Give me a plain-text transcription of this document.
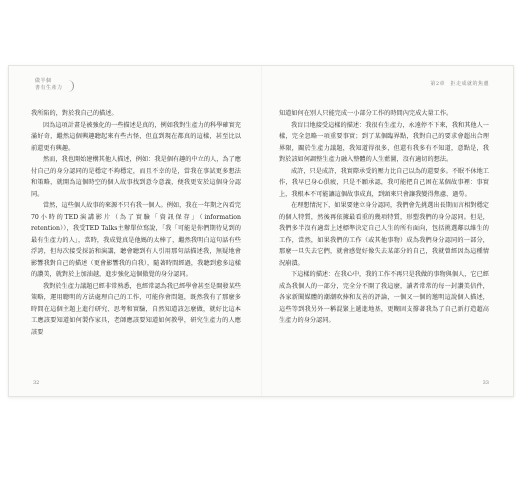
做半個
書有生產力
第2章　拒走成就的焦慮

我所陷的，對於我自己的描述。

因為這項計畫是被強化的一些描述是真的，例如我對生產力的科學確實充滿好奇，繼然這個興趣聽起來有些古怪，但直到現在都真的這樣，甚至比以前還更有興趣。

然而，我也開始建構其他人描述，例如：我是個有趣的中立的人，為了應付自己的身分認同的是穩定不夠穩定，而且不幸的是，當我在事試更多想法和策略，就開為這個時空的個人故事找到意今意義，便我更安於這個身分認同。

當然，這些個人故事的來源不只有我一個人。例如，我在一年期之內看完70小時的TED演講影片（為了實驗「資訊保存」（information retention）），我受TED Talks主辦單位寫說，「我「可能是你們期待見到的最有生產力的人」，當時，我成覺真是他媽的太棒了，繼然我明白這句話有些浮誇，但每次接受採訪和演講，聽會聽到有人引用那句話描述我，無疑地會影響我對自己的描述（更會影響我的自我），隨著時間經過，我聽到愈多這樣的讚美，就對於上加油越，進步強化這個傲覺的身分認同。

我對於生產力議題已經非常熟悉，也經常認為我已經學會甚至是開發某些策略，運用聰明的方法處理自己的工作，可能你會問題，既然我有了那麼多時間在這個主題上進行研究、思考和實驗，自然知道該怎麼做，就好比這本工應該要知道如何製作家具，老師應該要知道如何教學，研究生產力的人應該要

知道如何在別人只能完成一小部分工作的時間內完成大量工作。

我盲目地接受這樣的描述：我很有生產力，永遠停不下來，我和其他人一樣，完全忽略一項重要事實；到了某個臨界點，我對自己的要求會超出合理界限，關於生產力議題，我知道得很多，但還有我多有不知道，意點是，我對於該如何調整生產力融入整體的人生藍圖，沒有適切的想法。

成許，只是成許，我實際承受的壓力比自己以為的還要多。不眠不休地工作，我早已身心俱疲，只是不願承認，我可能把自己困在某個故事裡：事實上，我根本不可能讓這個故事成真，到頭來只會讓我變得焦慮、過勞。

在理想情況下，如果要建立身分認同，我們會先挑選出長期而言相對穩定的個人特質，然後再依據最看重的幾項特質，形塑我們的身分認同。但是，我們多半沒有適當上述標準決定自己人生的所有面向，包括挑選鄰以維生的工作，當然，如果我們的工作（或其他事物）成為我們身分認同的一部分，那麼一旦失去它們，就會感覺好像失去某部分的自己，我就曾經因為這種情況崩潰。

下這樣的描述：在我心中，我的工作不再只是我做的事物與個人，它已經成為我個人的一部分，完全分不開了我這麼，讀者常常的每一封讚美信件，各家新聞媒體的潮潮吹捧和友善的評論，一個又一個的邀明這說個人描述，這些等到我另外一稱混緊上遞進地基，更糊固支撐著我為了自己新打造超高生產力的身分認同。

32	33
